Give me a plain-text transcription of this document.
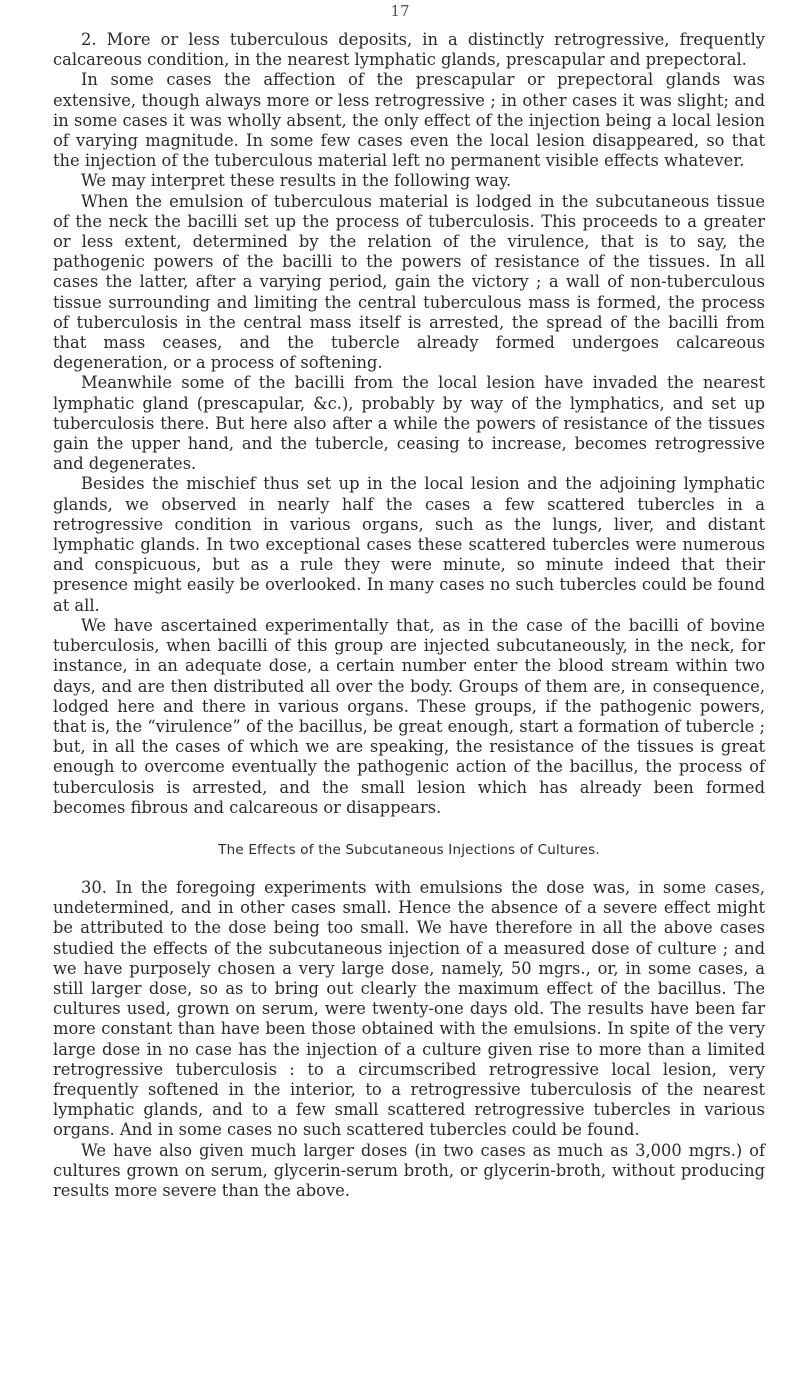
17

2. More or less tuberculous deposits, in a distinctly retrogressive, frequently calcareous condition, in the nearest lymphatic glands, prescapular and prepectoral.

In some cases the affection of the prescapular or prepectoral glands was extensive, though always more or less retrogressive ; in other cases it was slight; and in some cases it was wholly absent, the only effect of the injection being a local lesion of varying magnitude. In some few cases even the local lesion disappeared, so that the injection of the tuberculous material left no permanent visible effects whatever.

We may interpret these results in the following way.

When the emulsion of tuberculous material is lodged in the subcutaneous tissue of the neck the bacilli set up the process of tuberculosis. This proceeds to a greater or less extent, determined by the relation of the virulence, that is to say, the pathogenic powers of the bacilli to the powers of resistance of the tissues. In all cases the latter, after a varying period, gain the victory ; a wall of non-tuberculous tissue surrounding and limiting the central tuberculous mass is formed, the process of tuberculosis in the central mass itself is arrested, the spread of the bacilli from that mass ceases, and the tubercle already formed undergoes calcareous degeneration, or a process of softening.

Meanwhile some of the bacilli from the local lesion have invaded the nearest lymphatic gland (prescapular, &c.), probably by way of the lymphatics, and set up tuberculosis there. But here also after a while the powers of resistance of the tissues gain the upper hand, and the tubercle, ceasing to increase, becomes retrogressive and degenerates.

Besides the mischief thus set up in the local lesion and the adjoining lymphatic glands, we observed in nearly half the cases a few scattered tubercles in a retrogressive condition in various organs, such as the lungs, liver, and distant lymphatic glands. In two exceptional cases these scattered tubercles were numerous and conspicuous, but as a rule they were minute, so minute indeed that their presence might easily be overlooked. In many cases no such tubercles could be found at all.

We have ascertained experimentally that, as in the case of the bacilli of bovine tuberculosis, when bacilli of this group are injected subcutaneously, in the neck, for instance, in an adequate dose, a certain number enter the blood stream within two days, and are then distributed all over the body. Groups of them are, in consequence, lodged here and there in various organs. These groups, if the pathogenic powers, that is, the “virulence” of the bacillus, be great enough, start a formation of tubercle ; but, in all the cases of which we are speaking, the resistance of the tissues is great enough to overcome eventually the pathogenic action of the bacillus, the process of tuberculosis is arrested, and the small lesion which has already been formed becomes fibrous and calcareous or disappears.

The Effects of the Subcutaneous Injections of Cultures.

30. In the foregoing experiments with emulsions the dose was, in some cases, undetermined, and in other cases small. Hence the absence of a severe effect might be attributed to the dose being too small. We have therefore in all the above cases studied the effects of the subcutaneous injection of a measured dose of culture ; and we have purposely chosen a very large dose, namely, 50 mgrs., or, in some cases, a still larger dose, so as to bring out clearly the maximum effect of the bacillus. The cultures used, grown on serum, were twenty-one days old. The results have been far more constant than have been those obtained with the emulsions. In spite of the very large dose in no case has the injection of a culture given rise to more than a limited retrogressive tuberculosis : to a circumscribed retrogressive local lesion, very frequently softened in the interior, to a retrogressive tuberculosis of the nearest lymphatic glands, and to a few small scattered retrogressive tubercles in various organs. And in some cases no such scattered tubercles could be found.

We have also given much larger doses (in two cases as much as 3,000 mgrs.) of cultures grown on serum, glycerin-serum broth, or glycerin-broth, without producing results more severe than the above.
